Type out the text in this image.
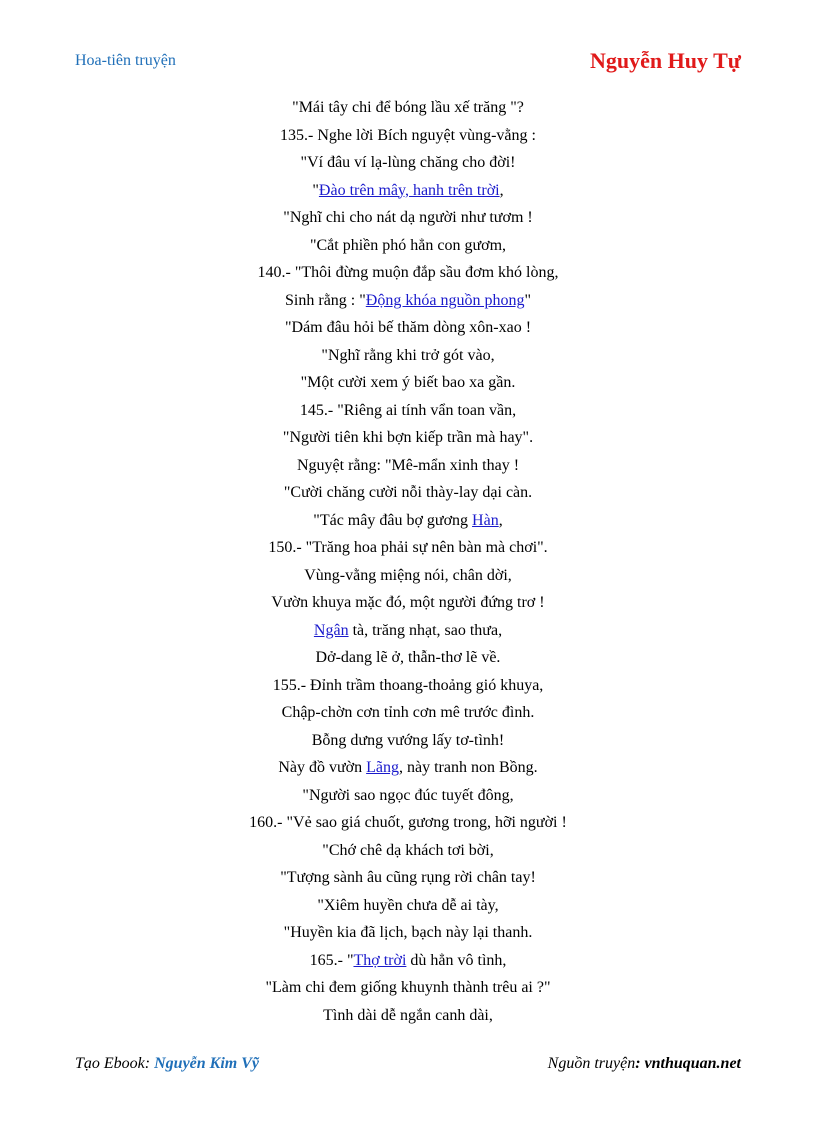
Hoa-tiên truyện	Nguyễn Huy Tự
"Mái tây chi để bóng lầu xế trăng "?
135.- Nghe lời Bích nguyệt vùng-vằng :
"Ví đâu ví lạ-lùng chăng cho đời!
"Đào trên mây, hanh trên trời,
"Nghĩ chi cho nát dạ người như tươm !
"Cắt phiền phó hẳn con gươm,
140.- "Thôi đừng muộn đắp sầu đơm khó lòng,
Sinh rằng : "Động khóa nguồn phong"
"Dám đâu hỏi bế thăm dòng xôn-xao !
"Nghĩ rằng khi trở gót vào,
"Một cười xem ý biết bao xa gần.
145.- "Riêng ai tính vẩn toan vần,
"Người tiên khi bợn kiếp trần mà hay".
Nguyệt rằng: "Mê-mẩn xinh thay !
"Cười chăng cười nỗi thày-lay dại càn.
"Tác mây đâu bợ gương Hàn,
150.- "Trăng hoa phải sự nên bàn mà chơi".
Vùng-vằng miệng nói, chân dời,
Vườn khuya mặc đó, một người đứng trơ !
Ngân tà, trăng nhạt, sao thưa,
Dở-dang lẽ ở, thẫn-thơ lẽ về.
155.- Đỉnh trầm thoang-thoảng gió khuya,
Chập-chờn cơn tỉnh cơn mê trước đình.
Bỗng dưng vướng lấy tơ-tình!
Này đồ vườn Lãng, này tranh non Bồng.
"Người sao ngọc đúc tuyết đông,
160.- "Vẻ sao giá chuốt, gương trong, hỡi người !
"Chớ chê dạ khách tơi bời,
"Tượng sành âu cũng rụng rời chân tay!
"Xiêm huyền chưa dễ ai tày,
"Huyền kia đã lịch, bạch này lại thanh.
165.- "Thợ trời dù hẳn vô tình,
"Làm chi đem giống khuynh thành trêu ai ?"
Tình dài dễ ngắn canh dài,
Tạo Ebook: Nguyễn Kim Vỹ	Nguồn truyện: vnthuquan.net
